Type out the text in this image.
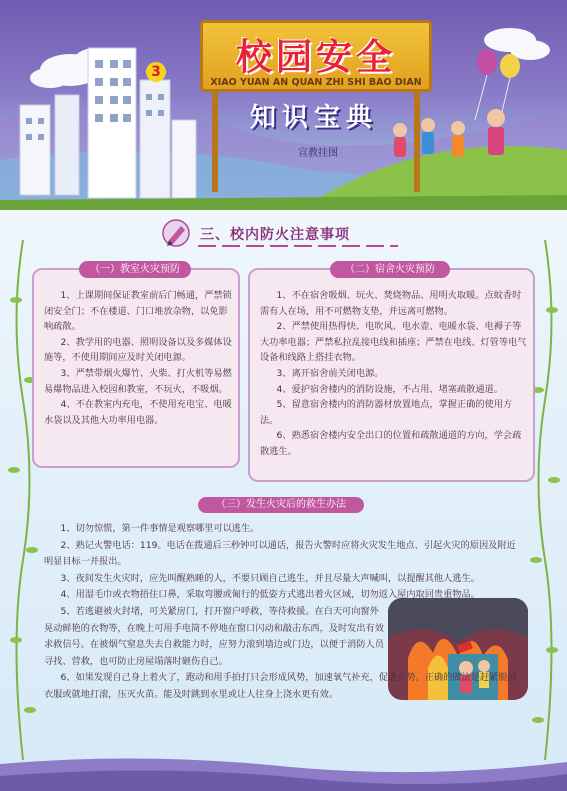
校园安全
XIAO YUAN AN QUAN ZHI SHI BAO DIAN
3
知识宝典
宣教挂图
三、校内防火注意事项
（一）教室火灾预防

1、上课期间保证教室前后门畅通，严禁锁闭安全门；不在楼道、门口堆放杂物，以免影响疏散。

2、教学用的电器、照明设备以及多媒体设施等，不使用期间应及时关闭电源。

3、严禁带烟火爆竹、火柴、打火机等易燃易爆物品进入校园和教室，不玩火，不吸烟。

4、不在教室内充电，不使用充电宝、电暖水袋以及其他大功率用电器。

（二）宿舍火灾预防

1、不在宿舍吸烟、玩火、焚烧物品、用明火取暖。点蚊香时需有人在场，用不可燃物支垫，并远离可燃物。

2、严禁使用热得快、电吹风、电水壶、电暖水袋、电褥子等大功率电器；严禁私拉乱接电线和插座；严禁在电线、灯管等电气设备和线路上搭挂衣物。

3、离开宿舍前关闭电源。

4、爱护宿舍楼内的消防设施，不占用、堵塞疏散通道。

5、留意宿舍楼内的消防器材放置地点，掌握正确的使用方法。

6、熟悉宿舍楼内安全出口的位置和疏散通道的方向，学会疏散逃生。

（三）发生火灾后的救生办法

1、切勿惊慌，第一件事情是观察哪里可以逃生。

2、熟记火警电话：119。电话在拨通后三秒钟可以通话，报告火警时应将火灾发生地点、引起火灾的原因及附近明显目标一并报出。

3、夜间发生火灾时，应先叫醒熟睡的人，不要只顾自己逃生，并且尽量大声喊叫，以提醒其他人逃生。

4、用湿毛巾或衣物捂住口鼻，采取弯腰或匍行的低姿方式逃出着火区域，切勿返入屋内取回贵重物品。

5、若逃避被火封堵，可关紧房门，打开窗户呼救，等待救援。在白天可向窗外晃动鲜艳的衣物等，在晚上可用手电筒不停地在窗口闪动和敲击东西，及时发出有效求救信号。在被烟气窒息失去自救能力时，应努力滚到墙边或门边，以便于消防人员寻找、营救，也可防止房屋塌落时砸伤自己。

6、如果发现自己身上着火了，跑动和用手拍打只会形成风势，加速氧气补充，促进火势。正确的做法是赶紧脱掉衣服或就地打滚，压灭火苗。能及时跳到水里或让人往身上浇水更有效。
